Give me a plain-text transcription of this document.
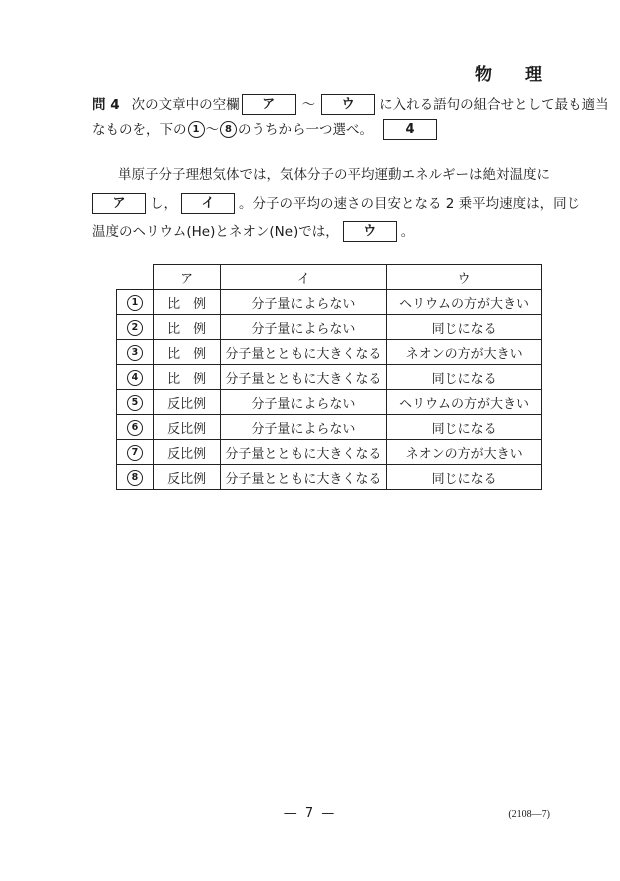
物　理
問 4 次の文章中の空欄	ア	～	ウ	に入れる語句の組合せとして最も適当
なものを，下の 1 ～ 8 のうちから一つ選べ。	4
単原子分子理想気体では，気体分子の平均運動エネルギーは絶対温度に
ア	し，	イ	。分子の平均の速さの目安となる 2 乗平均速度は，同じ
温度のヘリウム(He)とネオン(Ne)では，	ウ	。
	ア	イ	ウ
1	比　例	分子量によらない	ヘリウムの方が大きい
2	比　例	分子量によらない	同じになる
3	比　例	分子量とともに大きくなる	ネオンの方が大きい
4	比　例	分子量とともに大きくなる	同じになる
5	反比例	分子量によらない	ヘリウムの方が大きい
6	反比例	分子量によらない	同じになる
7	反比例	分子量とともに大きくなる	ネオンの方が大きい
8	反比例	分子量とともに大きくなる	同じになる
— 7 —	(2108—7)
